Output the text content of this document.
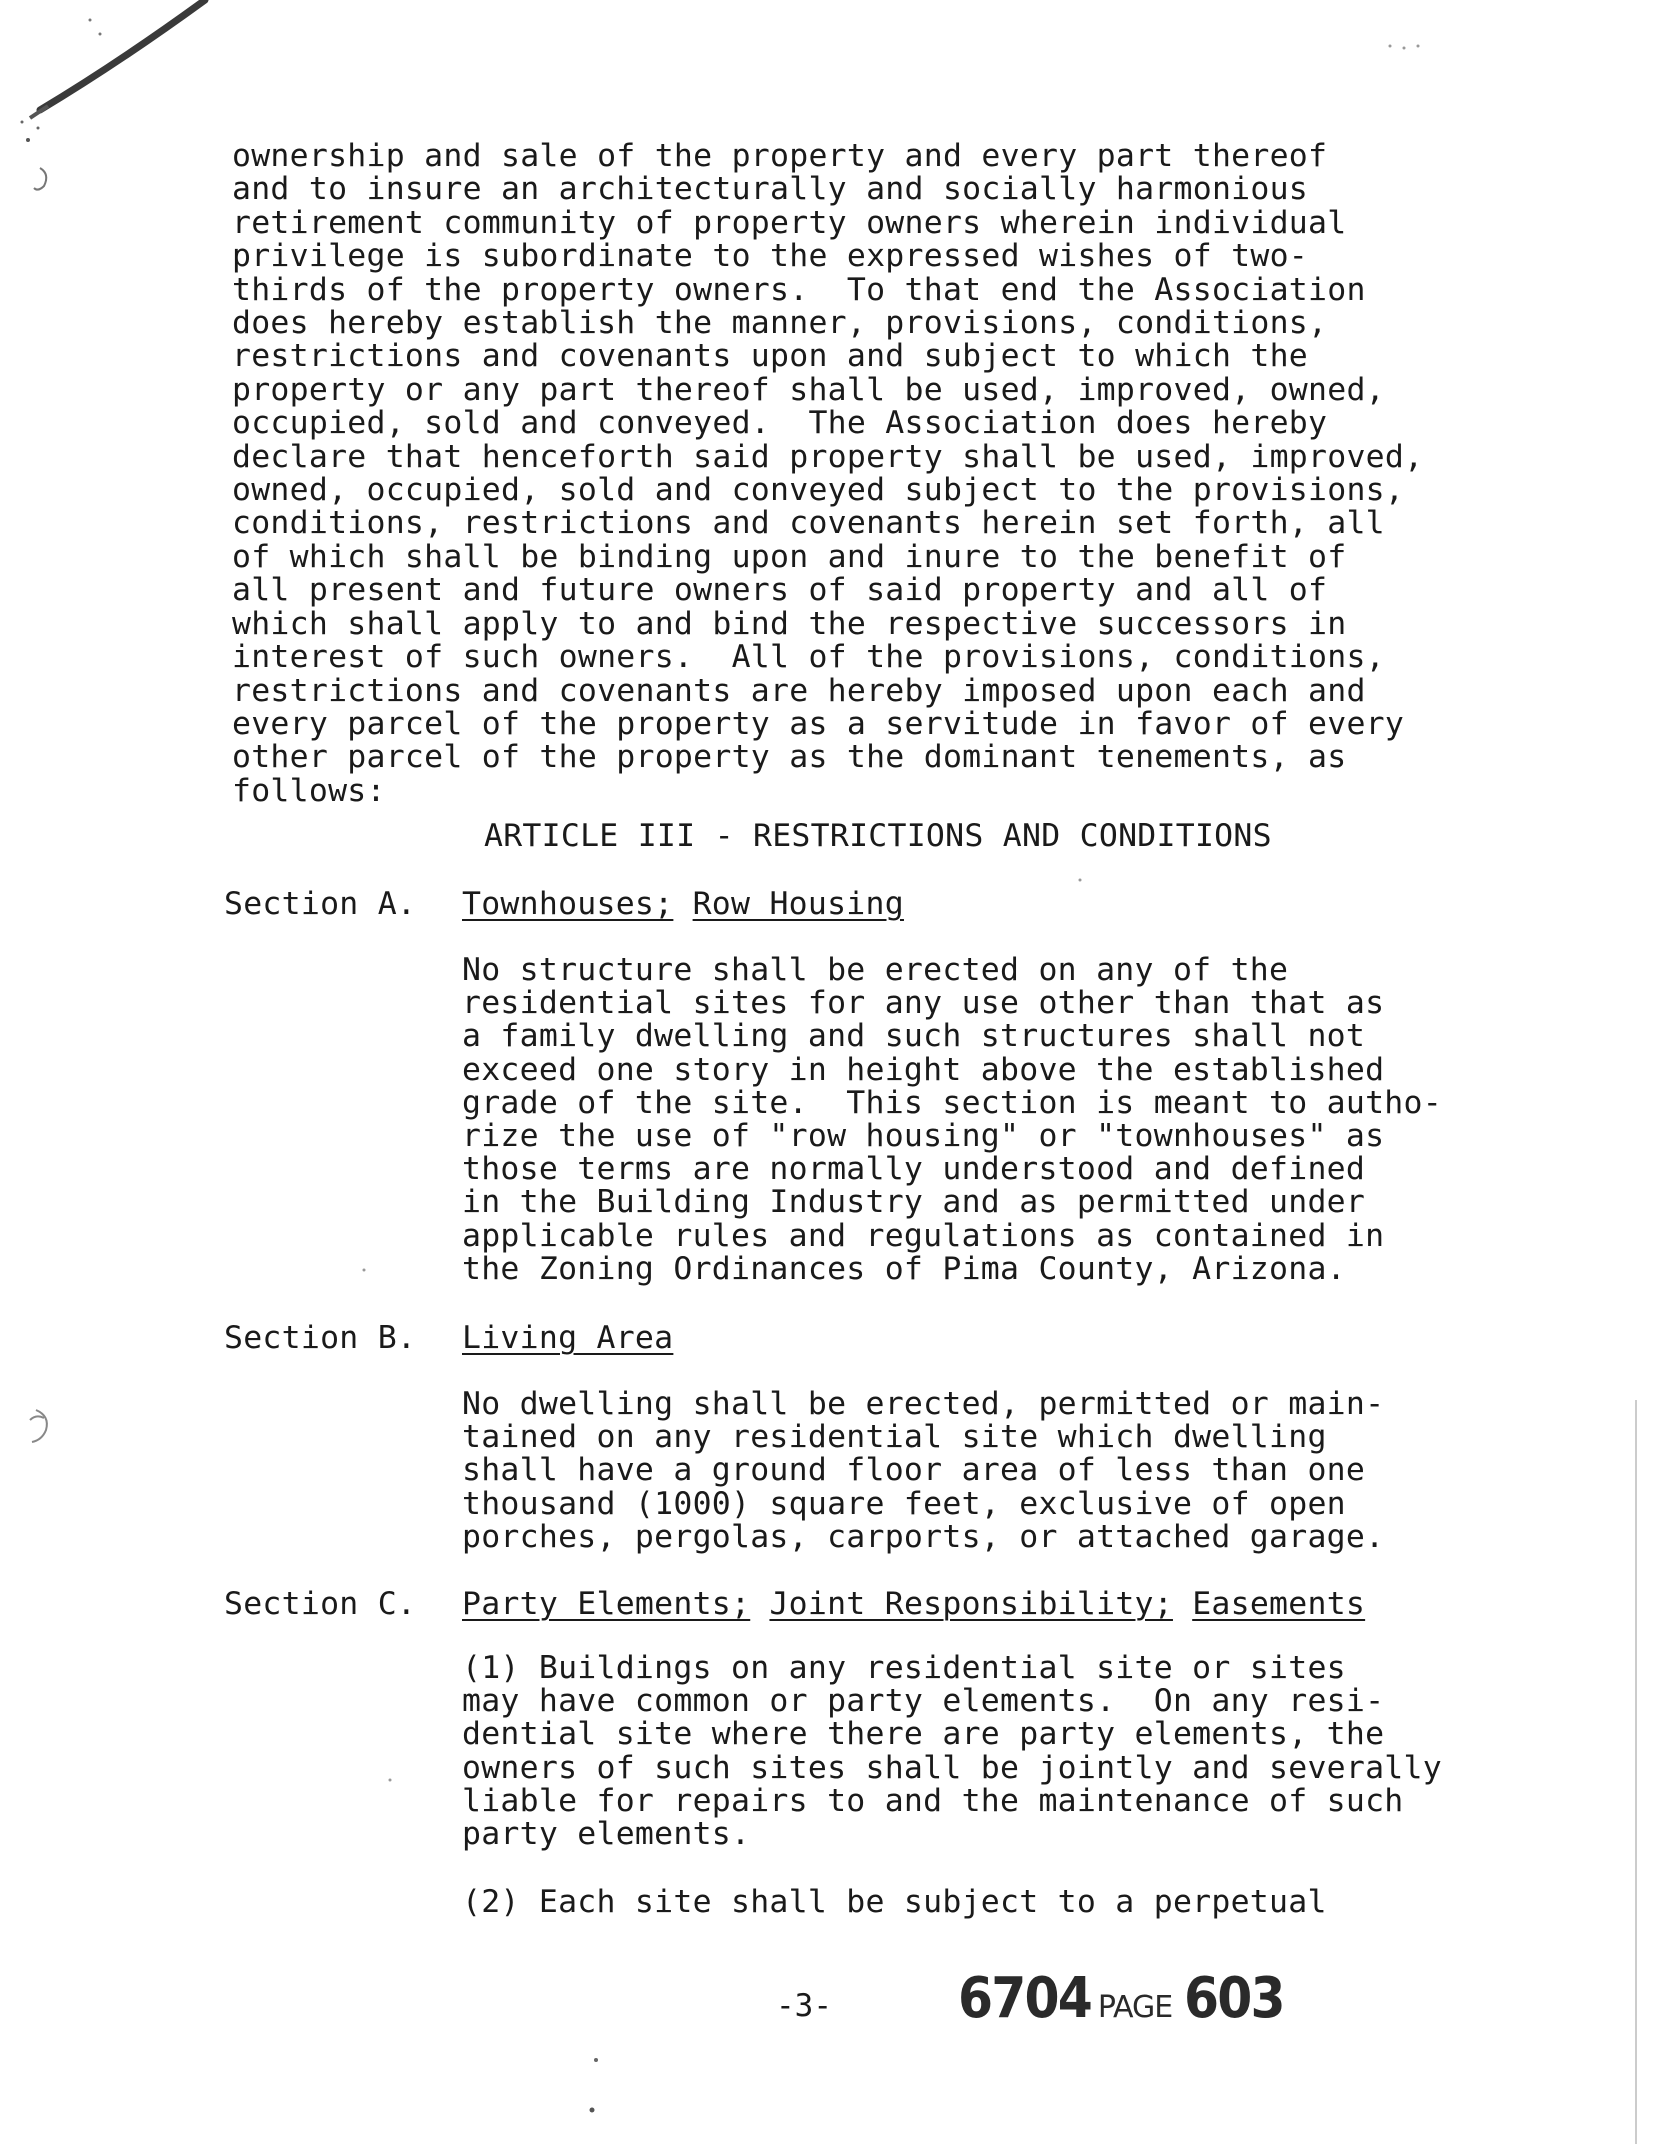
ownership and sale of the property and every part thereof
and to insure an architecturally and socially harmonious
retirement community of property owners wherein individual
privilege is subordinate to the expressed wishes of two-
thirds of the property owners.  To that end the Association
does hereby establish the manner, provisions, conditions,
restrictions and covenants upon and subject to which the
property or any part thereof shall be used, improved, owned,
occupied, sold and conveyed.  The Association does hereby
declare that henceforth said property shall be used, improved,
owned, occupied, sold and conveyed subject to the provisions,
conditions, restrictions and covenants herein set forth, all
of which shall be binding upon and inure to the benefit of
all present and future owners of said property and all of
which shall apply to and bind the respective successors in
interest of such owners.  All of the provisions, conditions,
restrictions and covenants are hereby imposed upon each and
every parcel of the property as a servitude in favor of every
other parcel of the property as the dominant tenements, as
follows:

ARTICLE III - RESTRICTIONS AND CONDITIONS

Section A. Townhouses; Row Housing

No structure shall be erected on any of the
residential sites for any use other than that as
a family dwelling and such structures shall not
exceed one story in height above the established
grade of the site.  This section is meant to autho-
rize the use of "row housing" or "townhouses" as
those terms are normally understood and defined
in the Building Industry and as permitted under
applicable rules and regulations as contained in
the Zoning Ordinances of Pima County, Arizona.

Section B. Living Area

No dwelling shall be erected, permitted or main-
tained on any residential site which dwelling
shall have a ground floor area of less than one
thousand (1000) square feet, exclusive of open
porches, pergolas, carports, or attached garage.

Section C. Party Elements; Joint Responsibility; Easements

(1) Buildings on any residential site or sites
may have common or party elements.  On any resi-
dential site where there are party elements, the
owners of such sites shall be jointly and severally
liable for repairs to and the maintenance of such
party elements.

(2) Each site shall be subject to a perpetual

-3- 6704 PAGE 603
